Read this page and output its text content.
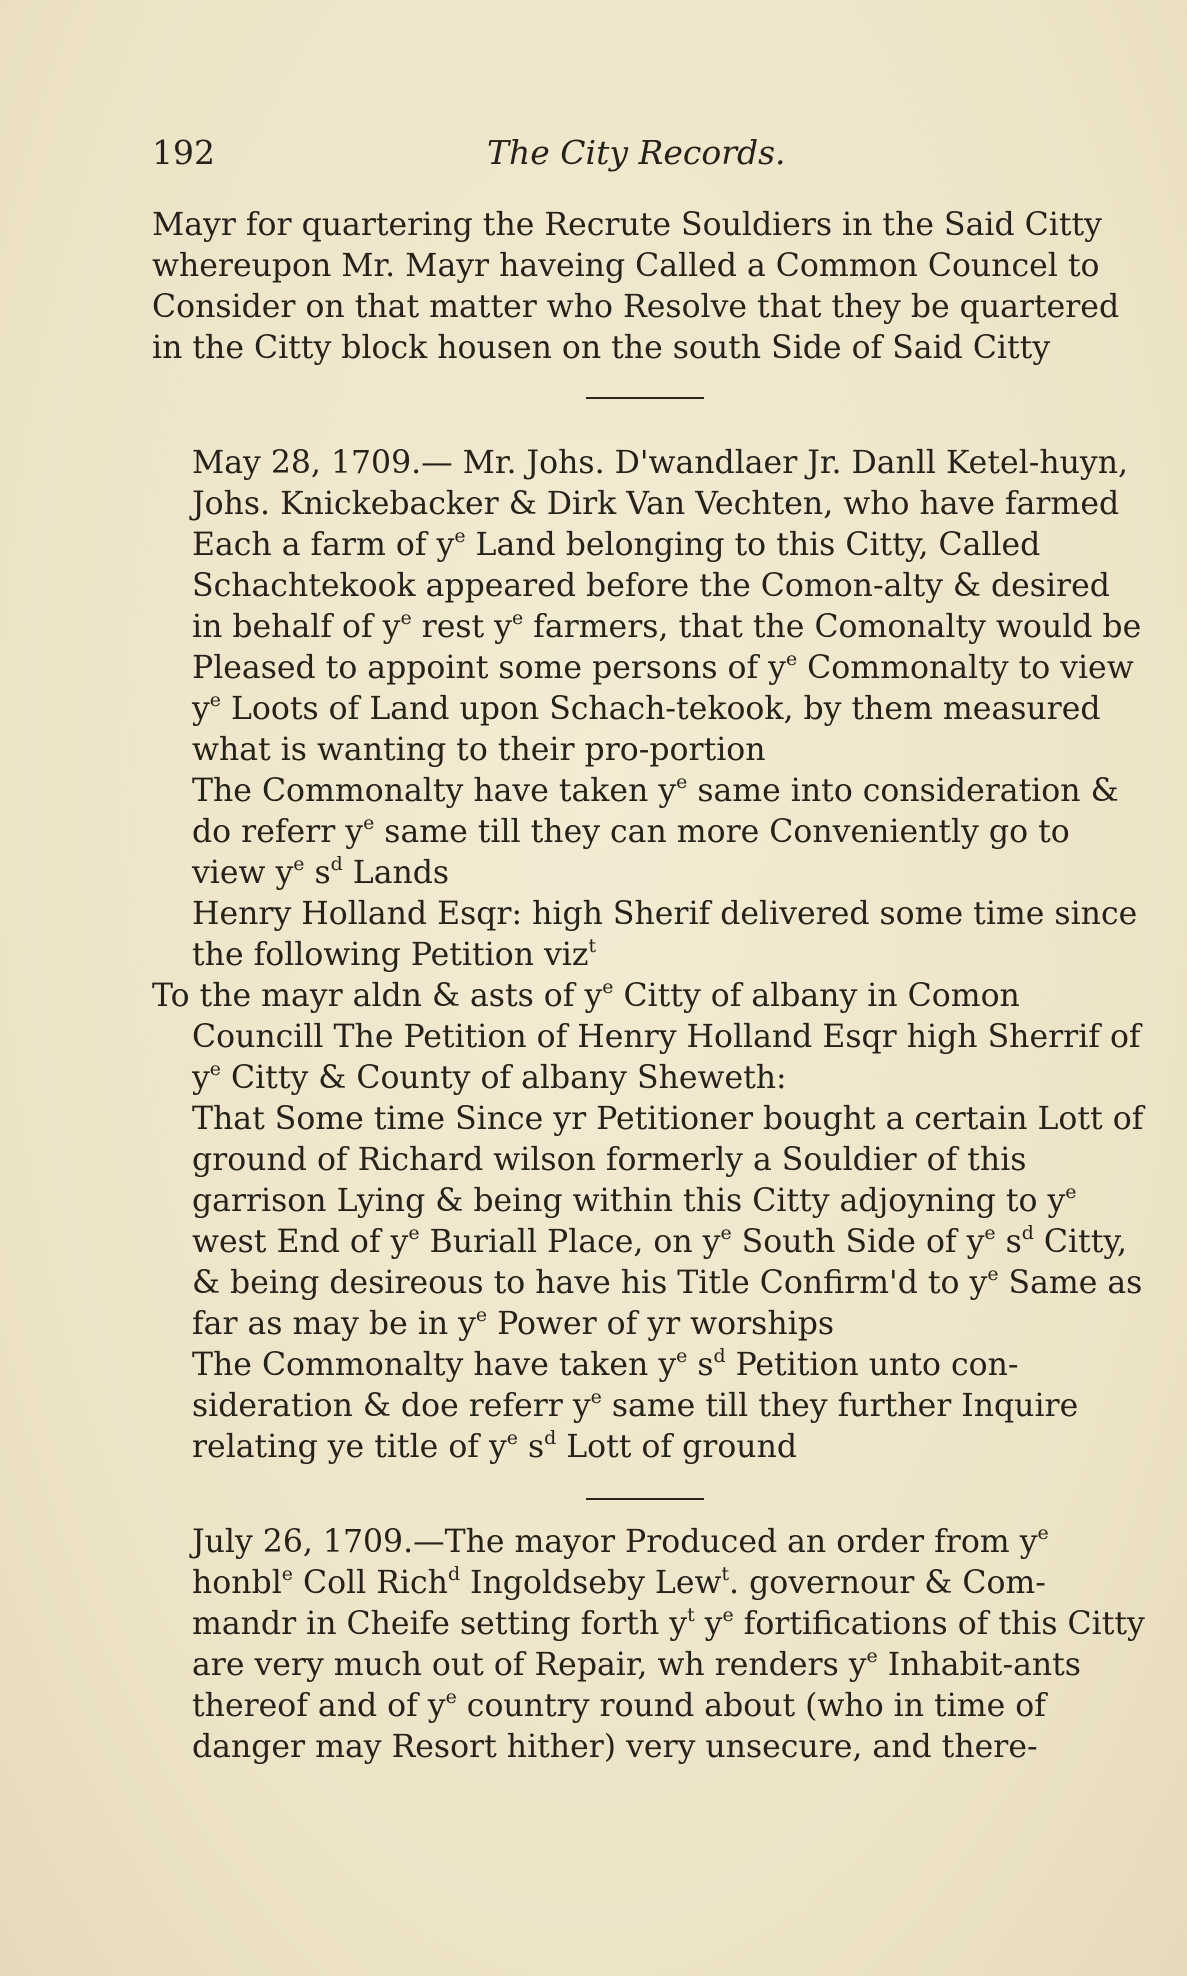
192	The City Records.

Mayr for quartering the Recrute Souldiers in the Said Citty whereupon Mr. Mayr haveing Called a Common Councel to Consider on that matter who Resolve that they be quartered in the Citty block housen on the south Side of Said Citty

May 28, 1709.— Mr. Johs. D'wandlaer Jr. Danll Ketel-huyn, Johs. Knickebacker & Dirk Van Vechten, who have farmed Each a farm of $y^e$ Land belonging to this Citty, Called Schachtekook appeared before the Comon-alty & desired in behalf of $y^e$ rest $y^e$ farmers, that the Comonalty would be Pleased to appoint some persons of $y^e$ Commonalty to view $y^e$ Loots of Land upon Schach-tekook, by them measured what is wanting to their pro-portion

The Commonalty have taken $y^e$ same into consideration & do referr $y^e$ same till they can more Conveniently go to view $y^e$ $s^d$ Lands

Henry Holland Esqr: high Sherif delivered some time since the following Petition viz$^t$

To the mayr aldn & asts of $y^e$ Citty of albany in Comon Councill The Petition of Henry Holland Esqr high Sherrif of $y^e$ Citty & County of albany Sheweth:

That Some time Since yr Petitioner bought a certain Lott of ground of Richard wilson formerly a Souldier of this garrison Lying & being within this Citty adjoyning to $y^e$ west End of $y^e$ Buriall Place, on $y^e$ South Side of $y^e$ $s^d$ Citty, & being desireous to have his Title Confirm'd to $y^e$ Same as far as may be in $y^e$ Power of yr worships

The Commonalty have taken $y^e$ $s^d$ Petition unto con-sideration & doe referr $y^e$ same till they further Inquire relating ye title of $y^e$ $s^d$ Lott of ground

July 26, 1709.—The mayor Produced an order from $y^e$ honbl$^e$ Coll Rich$^d$ Ingoldseby Lew$^t$. governour & Com-mandr in Cheife setting forth $y^t$ $y^e$ fortifications of this Citty are very much out of Repair, wh renders $y^e$ Inhabit-ants thereof and of $y^e$ country round about (who in time of danger may Resort hither) very unsecure, and there-
